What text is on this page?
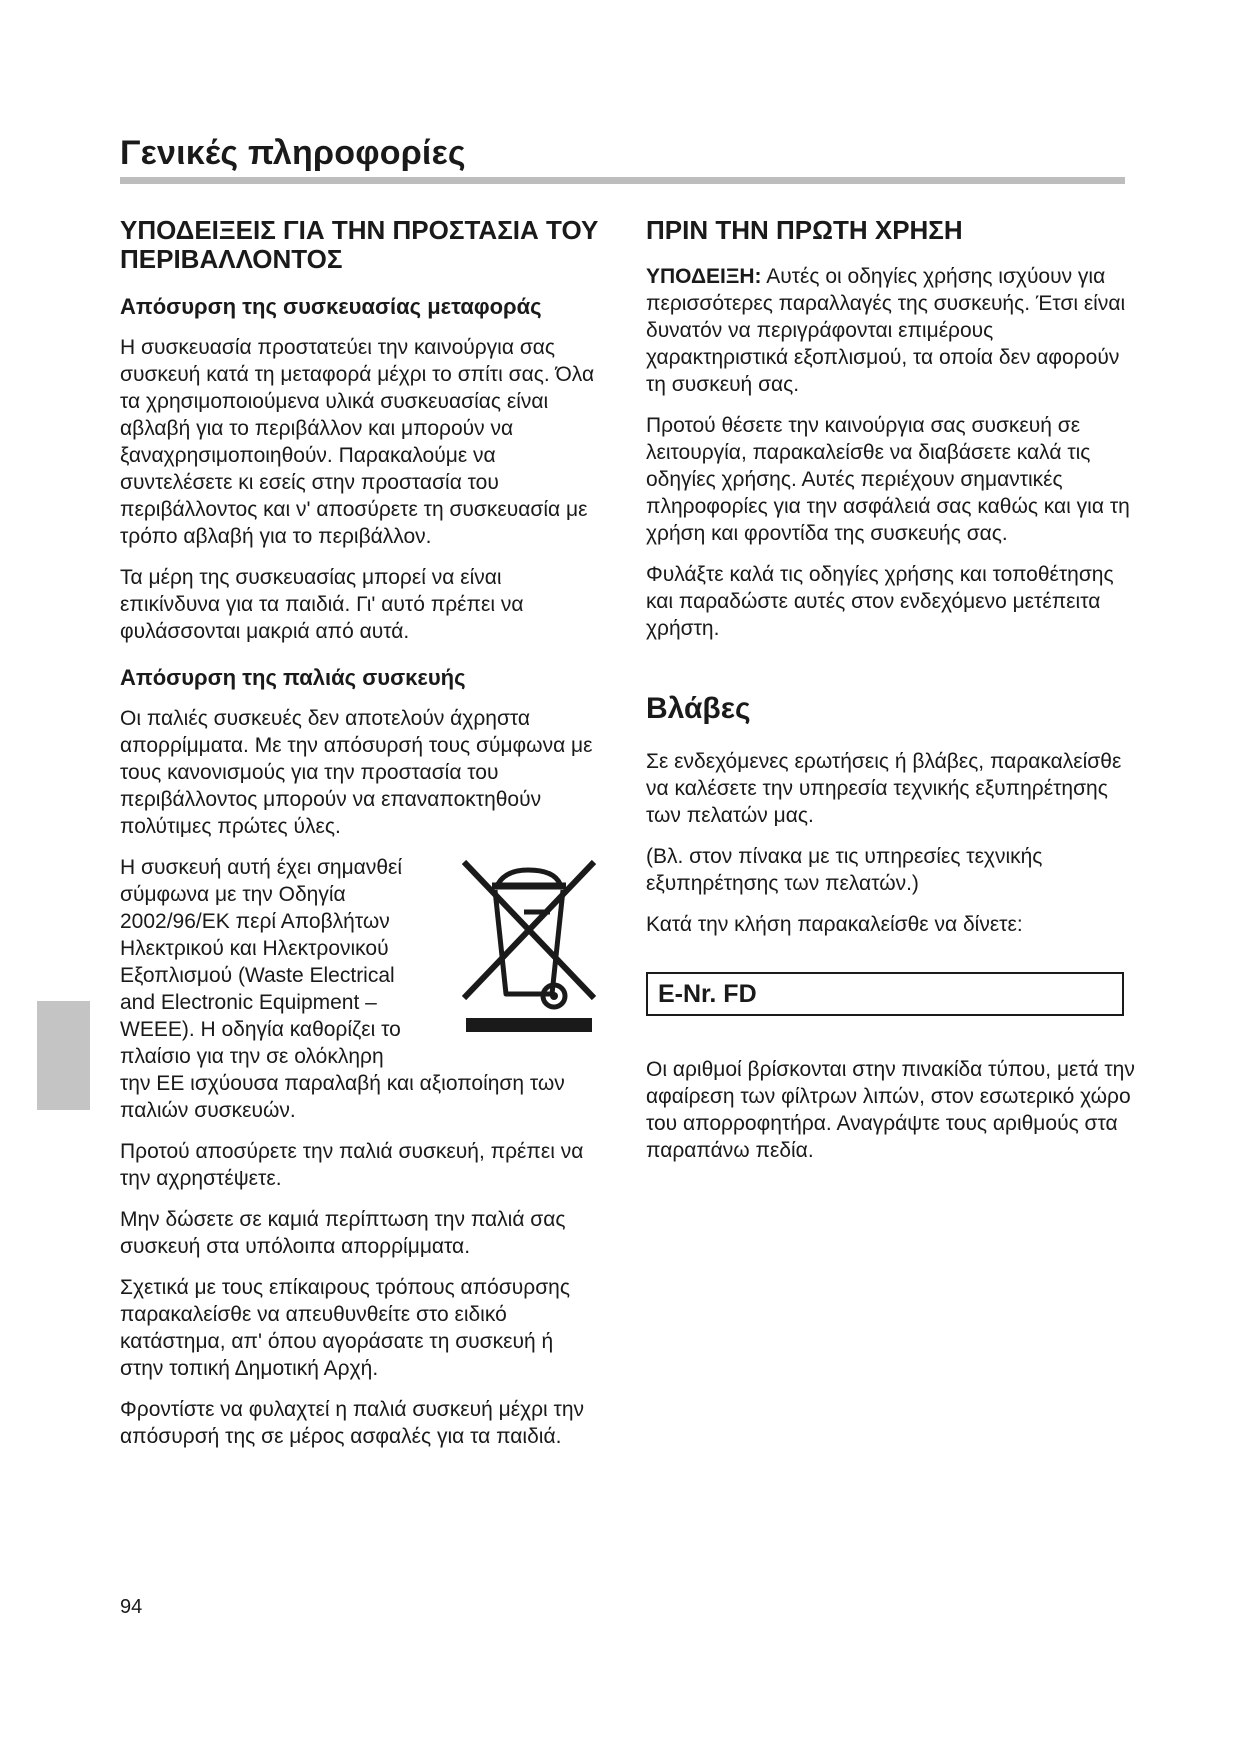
Γενικές πληροφορίες
ΥΠΟΔΕΙΞΕΙΣ ΓΙΑ ΤΗΝ ΠΡΟΣΤΑΣΙΑ ΤΟΥ ΠΕΡΙΒΑΛΛΟΝΤΟΣ
Απόσυρση της συσκευασίας μεταφοράς

Η συσκευασία προστατεύει την καινούργια σας συσκευή κατά τη μεταφορά μέχρι το σπίτι σας. Όλα τα χρησιμοποιούμενα υλικά συσκευασίας είναι αβλαβή για το περιβάλλον και μπορούν να ξαναχρησιμοποιηθούν. Παρακαλούμε να συντελέσετε κι εσείς στην προστασία του περιβάλλοντος και ν' αποσύρετε τη συσκευασία με τρόπο αβλαβή για το περιβάλλον.

Τα μέρη της συσκευασίας μπορεί να είναι επικίνδυνα για τα παιδιά. Γι' αυτό πρέπει να φυλάσσονται μακριά από αυτά.

Απόσυρση της παλιάς συσκευής

Οι παλιές συσκευές δεν αποτελούν άχρηστα απορρίμματα. Με την απόσυρσή τους σύμφωνα με τους κανονισμούς για την προστασία του περιβάλλοντος μπορούν να επαναποκτηθούν πολύτιμες πρώτες ύλες.

Η συσκευή αυτή έχει σημανθεί
σύμφωνα με την Οδηγία
2002/96/ΕΚ περί Αποβλήτων
Ηλεκτρικού και Ηλεκτρονικού
Εξοπλισμού (Waste Electrical
and Electronic Equipment –
WEEE). Η οδηγία καθορίζει το
πλαίσιο για την σε ολόκληρη

την ΕΕ ισχύουσα παραλαβή και αξιοποίηση των παλιών συσκευών.

Προτού αποσύρετε την παλιά συσκευή, πρέπει να την αχρηστέψετε.

Μην δώσετε σε καμιά περίπτωση την παλιά σας συσκευή στα υπόλοιπα απορρίμματα.

Σχετικά με τους επίκαιρους τρόπους απόσυρσης παρακαλείσθε να απευθυνθείτε στο ειδικό κατάστημα, απ' όπου αγοράσατε τη συσκευή ή στην τοπική Δημοτική Αρχή.

Φροντίστε να φυλαχτεί η παλιά συσκευή μέχρι την απόσυρσή της σε μέρος ασφαλές για τα παιδιά.

ΠΡΙΝ ΤΗΝ ΠΡΩΤΗ ΧΡΗΣΗ

ΥΠΟΔΕΙΞΗ: Αυτές οι οδηγίες χρήσης ισχύουν για περισσότερες παραλλαγές της συσκευής. Έτσι είναι δυνατόν να περιγράφονται επιμέρους χαρακτηριστικά εξοπλισμού, τα οποία δεν αφορούν τη συσκευή σας.

Προτού θέσετε την καινούργια σας συσκευή σε λειτουργία, παρακαλείσθε να διαβάσετε καλά τις οδηγίες χρήσης. Αυτές περιέχουν σημαντικές πληροφορίες για την ασφάλειά σας καθώς και για τη χρήση και φροντίδα της συσκευής σας.

Φυλάξτε καλά τις οδηγίες χρήσης και τοποθέτησης και παραδώστε αυτές στον ενδεχόμενο μετέπειτα χρήστη.

Βλάβες

Σε ενδεχόμενες ερωτήσεις ή βλάβες, παρακαλείσθε να καλέσετε την υπηρεσία τεχνικής εξυπηρέτησης των πελατών μας.

(Βλ. στον πίνακα με τις υπηρεσίες τεχνικής εξυπηρέτησης των πελατών.)

Κατά την κλήση παρακαλείσθε να δίνετε:

E-Nr. FD

Οι αριθμοί βρίσκονται στην πινακίδα τύπου, μετά την αφαίρεση των φίλτρων λιπών, στον εσωτερικό χώρο του απορροφητήρα. Αναγράψτε τους αριθμούς στα παραπάνω πεδία.

94
